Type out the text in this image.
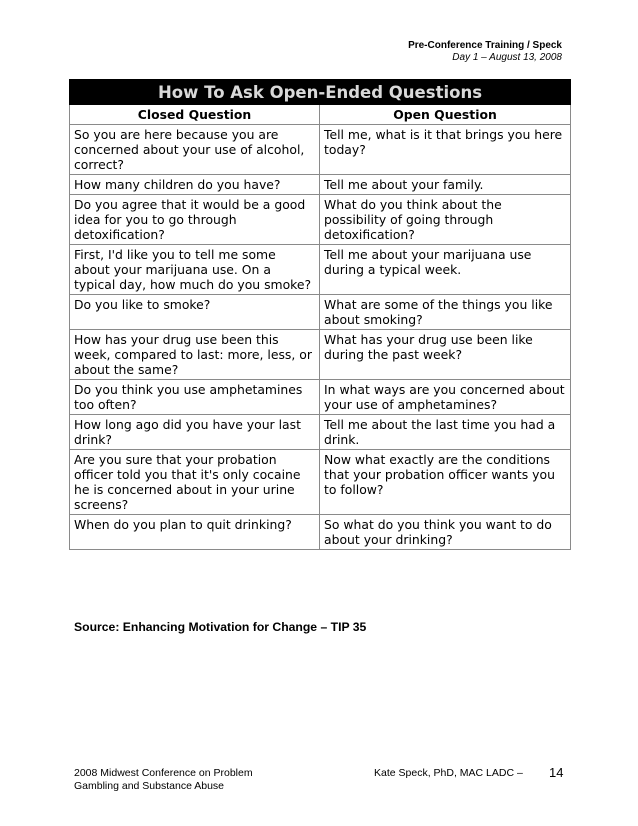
Pre-Conference Training / Speck
Day 1 – August 13, 2008
How To Ask Open-Ended Questions	
Closed Question	Open Question
So you are here because you are concerned about your use of alcohol, correct?	Tell me, what is it that brings you here today?
How many children do you have?	Tell me about your family.
Do you agree that it would be a good idea for you to go through detoxification?	What do you think about the possibility of going through detoxification?
First, I'd like you to tell me some about your marijuana use. On a typical day, how much do you smoke?	Tell me about your marijuana use during a typical week.
Do you like to smoke?	What are some of the things you like about smoking?
How has your drug use been this week, compared to last: more, less, or about the same?	What has your drug use been like during the past week?
Do you think you use amphetamines too often?	In what ways are you concerned about your use of amphetamines?
How long ago did you have your last drink?	Tell me about the last time you had a drink.
Are you sure that your probation officer told you that it's only cocaine he is concerned about in your urine screens?	Now what exactly are the conditions that your probation officer wants you to follow?
When do you plan to quit drinking?	So what do you think you want to do about your drinking?
Source: Enhancing Motivation for Change – TIP 35
2008 Midwest Conference on Problem
Gambling and Substance Abuse
Kate Speck, PhD, MAC LADC – 14
